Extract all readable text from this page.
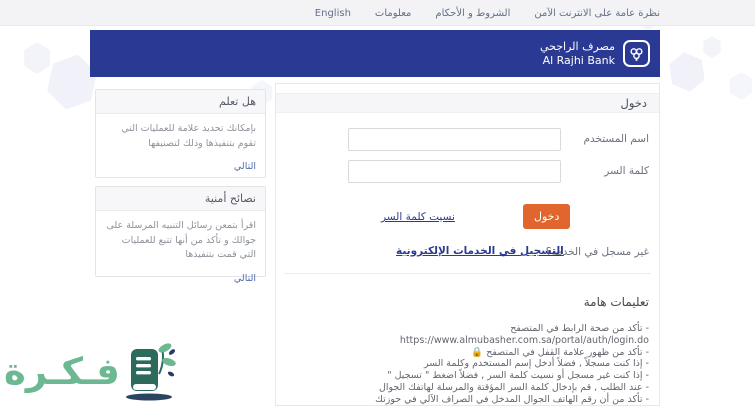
نظرة عامة على الانترنت الآمن
الشروط و الأحكام
معلومات
English
مصرف الراجحي
Al Rajhi Bank
هل تعلم
بإمكانك تحديد علامة للعمليات التي تقوم بتنفيذها وذلك لتصنيفها
التالي
نصائح أمنية
اقرأ بتمعن رسائل التنبيه المرسلة على جوالك و تأكد من أنها تتبع للعمليات التي قمت بتنفيذها
التالي
دخول
اسم المستخدم
كلمة السر
دخول
نسيت كلمة السر
غير مسجل في الخدمة؟
التسجيل في الخدمات الإلكترونية
تعليمات هامة
- تأكد من صحة الرابط في المتصفح https://www.almubasher.com.sa/portal/auth/login.do
- تأكد من ظهور علامة القفل في المتصفح 🔒
- إذا كنت مسجلاً , فضلاً أدخل إسم المستخدم وكلمة السر
- إذا كنت غير مسجل أو نسيت كلمة السر , فضلاً اضغط " تسجيل "
- عند الطلب , قم بإدخال كلمة السر المؤقتة والمرسلة لهاتفك الجوال
- تأكد من أن رقم الهاتف الجوال المدخل في الصراف الآلي في حوزتك
فـكـرة
